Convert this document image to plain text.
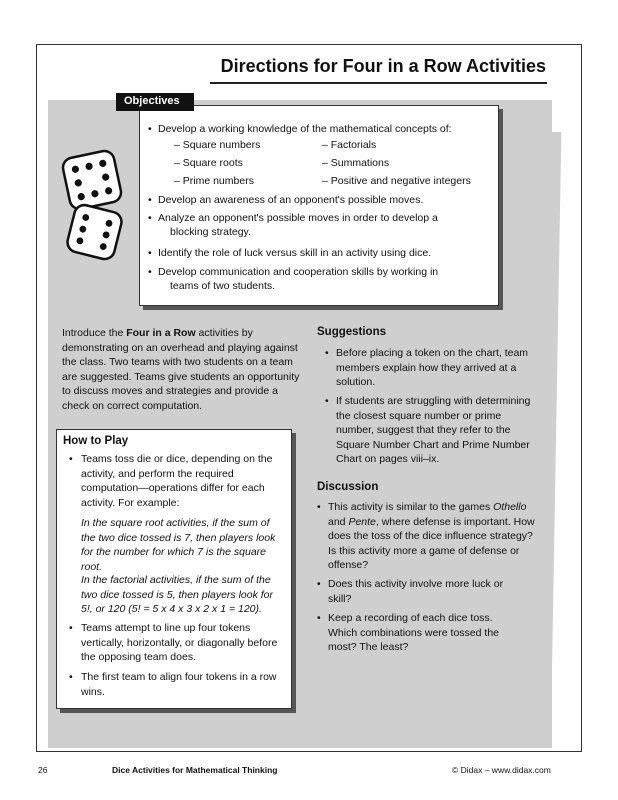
Directions for Four in a Row Activities
• Develop a working knowledge of the mathematical concepts of:
– Square numbers
– Square roots
– Prime numbers
– Factorials
– Summations
– Positive and negative integers
• Develop an awareness of an opponent's possible moves.
• Analyze an opponent's possible moves in order to develop a
blocking strategy.
• Identify the role of luck versus skill in an activity using dice.
• Develop communication and cooperation skills by working in
teams of two students.
Objectives
Introduce the Four in a Row activities by demonstrating on an overhead and playing against the class. Two teams with two students on a team are suggested. Teams give students an opportunity to discuss moves and strategies and provide a check on correct computation.
How to Play
• Teams toss die or dice, depending on the activity, and perform the required computation—operations differ for each activity. For example:
In the square root activities, if the sum of the two dice tossed is 7, then players look for the number for which 7 is the square root.
In the factorial activities, if the sum of the two dice tossed is 5, then players look for 5!, or 120 (5! = 5 x 4 x 3 x 2 x 1 = 120).
• Teams attempt to line up four tokens vertically, horizontally, or diagonally before the opposing team does.
• The first team to align four tokens in a row wins.
Suggestions
• Before placing a token on the chart, team members explain how they arrived at a solution.
• If students are struggling with determining the closest square number or prime number, suggest that they refer to the Square Number Chart and Prime Number Chart on pages viii–ix.
Discussion
• This activity is similar to the games Othello and Pente, where defense is important. How does the toss of the dice influence strategy? Is this activity more a game of defense or offense?
• Does this activity involve more luck or skill?
• Keep a recording of each dice toss. Which combinations were tossed the most? The least?
26	Dice Activities for Mathematical Thinking	© Didax – www.didax.com
